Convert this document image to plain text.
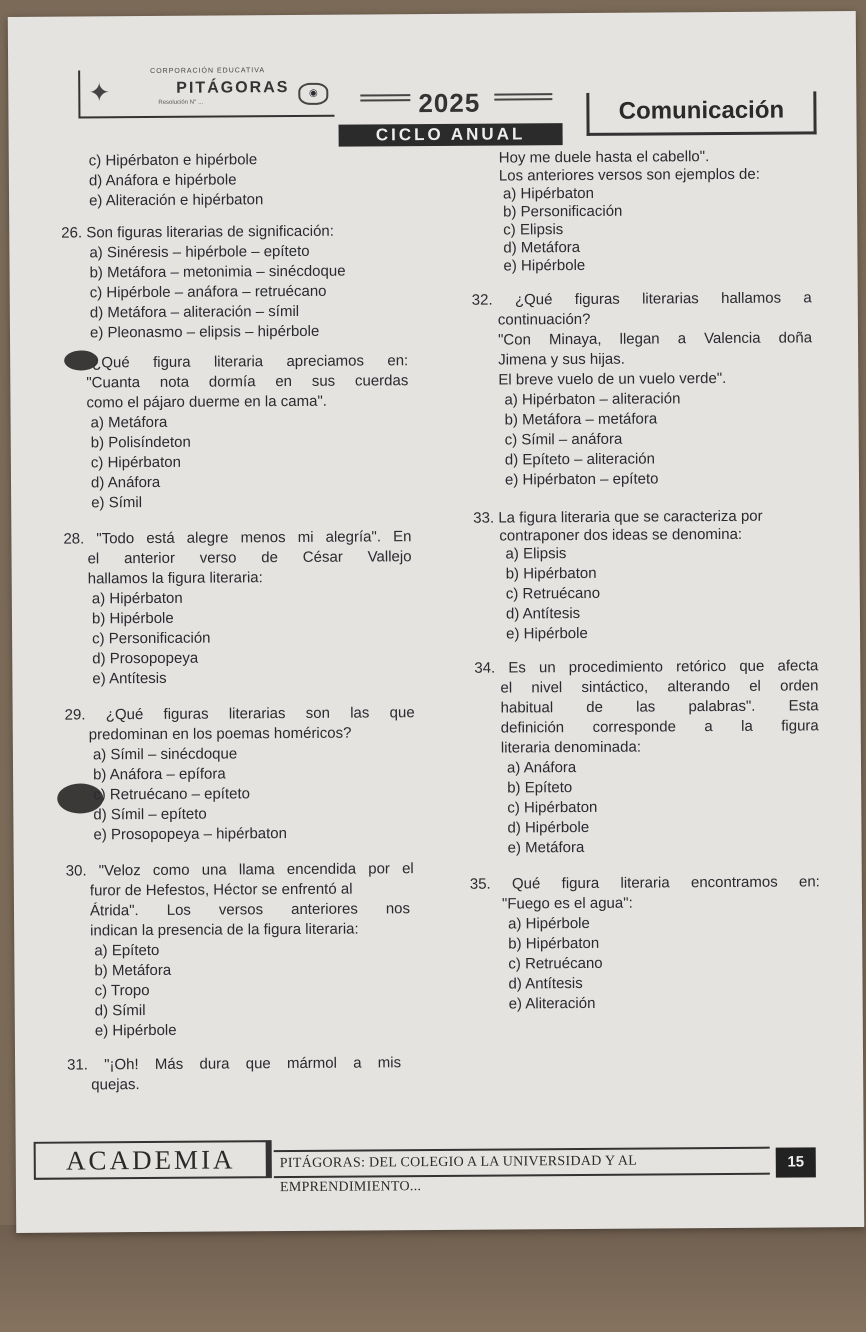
✦
CORPORACIÓN EDUCATIVA
PITÁGORAS
Resolución N° ...
◉	2025
CICLO ANUAL
Comunicación
c) Hipérbaton e hipérbole
d) Anáfora e hipérbole
e) Aliteración e hipérbaton
26. Son figuras literarias de significación:
a) Sinéresis – hipérbole – epíteto
b) Metáfora – metonimia – sinécdoque
c) Hipérbole – anáfora – retruécano
d) Metáfora – aliteración – símil
e) Pleonasmo – elipsis – hipérbole
¿Qué figura literaria apreciamos en:
"Cuanta nota dormía en sus cuerdas
como el pájaro duerme en la cama".
a) Metáfora
b) Polisíndeton
c) Hipérbaton
d) Anáfora
e) Símil
28. "Todo está alegre menos mi alegría". En
el anterior verso de César Vallejo
hallamos la figura literaria:
a) Hipérbaton
b) Hipérbole
c) Personificación
d) Prosopopeya
e) Antítesis
29. ¿Qué figuras literarias son las que
predominan en los poemas homéricos?
a) Símil – sinécdoque
b) Anáfora – epífora
c) Retruécano – epíteto
d) Símil – epíteto
e) Prosopopeya – hipérbaton
30. "Veloz como una llama encendida por el
furor de Hefestos, Héctor se enfrentó al
Átrida". Los versos anteriores nos
indican la presencia de la figura literaria:
a) Epíteto
b) Metáfora
c) Tropo
d) Símil
e) Hipérbole
31. "¡Oh! Más dura que mármol a mis
quejas.
Hoy me duele hasta el cabello".
Los anteriores versos son ejemplos de:
a) Hipérbaton
b) Personificación
c) Elipsis
d) Metáfora
e) Hipérbole
32. ¿Qué figuras literarias hallamos a
continuación?
"Con Minaya, llegan a Valencia doña
Jimena y sus hijas.
El breve vuelo de un vuelo verde".
a) Hipérbaton – aliteración
b) Metáfora – metáfora
c) Símil – anáfora
d) Epíteto – aliteración
e) Hipérbaton – epíteto
33. La figura literaria que se caracteriza por
contraponer dos ideas se denomina:
a) Elipsis
b) Hipérbaton
c) Retruécano
d) Antítesis
e) Hipérbole
34. Es un procedimiento retórico que afecta
el nivel sintáctico, alterando el orden
habitual de las palabras". Esta
definición corresponde a la figura
literaria denominada:
a) Anáfora
b) Epíteto
c) Hipérbaton
d) Hipérbole
e) Metáfora
35. Qué figura literaria encontramos en:
"Fuego es el agua":
a) Hipérbole
b) Hipérbaton
c) Retruécano
d) Antítesis
e) Aliteración
ACADEMIA	PITÁGORAS: DEL COLEGIO A LA UNIVERSIDAD Y AL EMPRENDIMIENTO...
15
